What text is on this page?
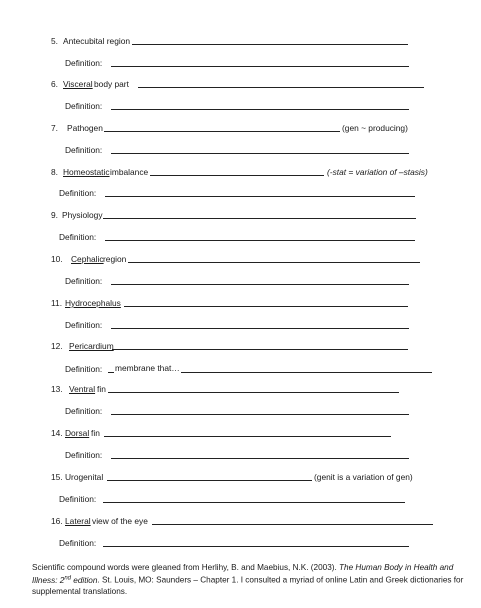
5. Antecubital region
Definition:
6. Visceral body part
Definition:
7. Pathogen	(gen ~ producing)
Definition:
8. Homeostatic imbalance	(-stat = variation of –stasis)
Definition:
9. Physiology
Definition:
10. Cephalic region
Definition:
11. Hydrocephalus
Definition:
12. Pericardium
Definition: membrane that…
13. Ventral fin
Definition:
14. Dorsal fin
Definition:
15. Urogenital	(genit is a variation of gen)
Definition:
16. Lateral view of the eye
Definition:
Scientific compound words were gleaned from Herlihy, B. and Maebius, N.K. (2003). The Human Body in Health and Illness: 2nd edition. St. Louis, MO: Saunders – Chapter 1. I consulted a myriad of online Latin and Greek dictionaries for supplemental translations.
